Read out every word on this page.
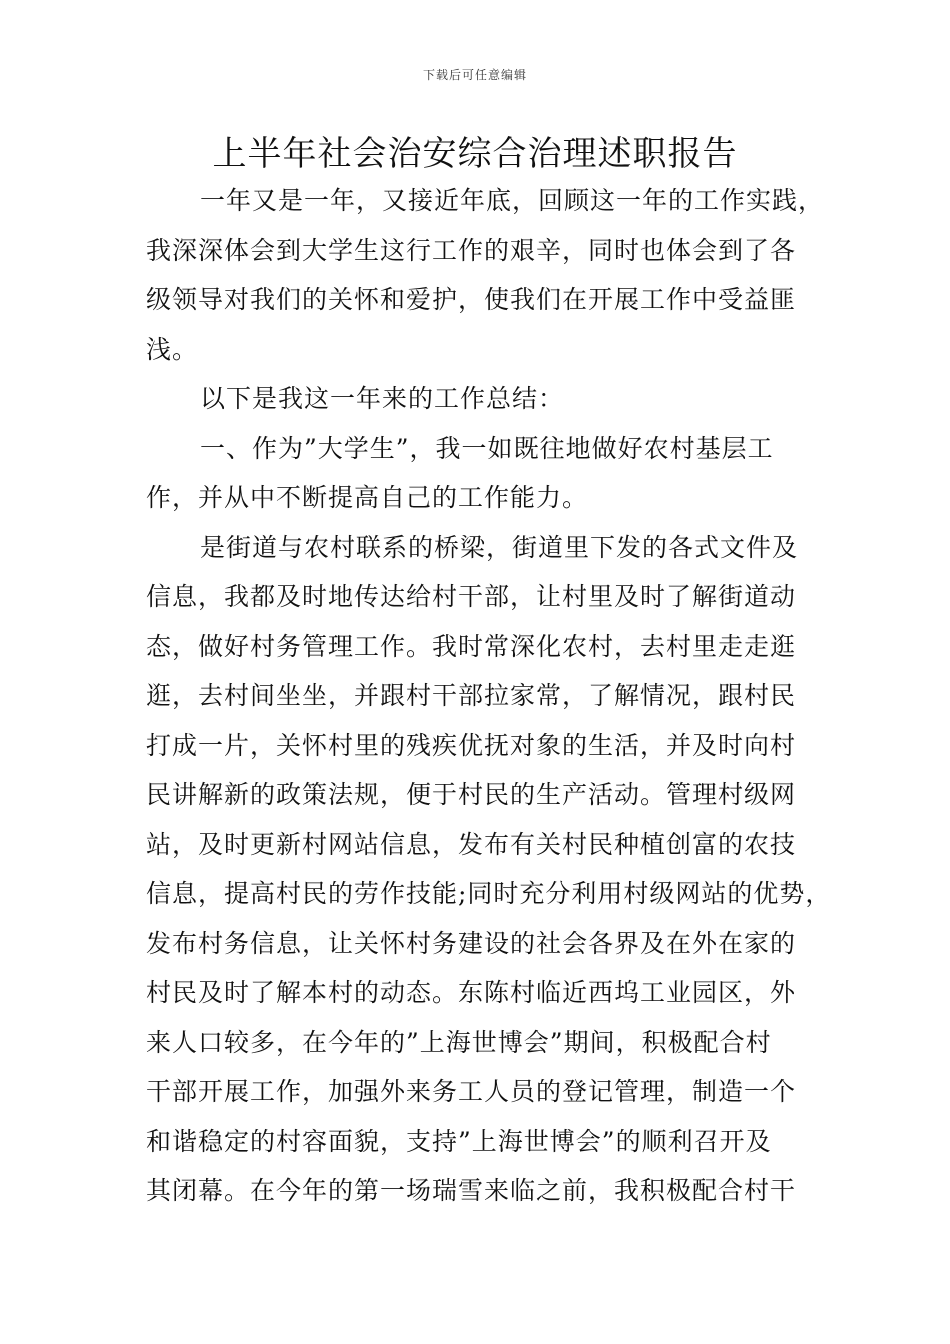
下载后可任意编辑
上半年社会治安综合治理述职报告
一年又是一年，又接近年底，回顾这一年的工作实践，
我深深体会到大学生这行工作的艰辛，同时也体会到了各
级领导对我们的关怀和爱护，使我们在开展工作中受益匪
浅。
以下是我这一年来的工作总结：
一、作为”大学生”，我一如既往地做好农村基层工
作，并从中不断提高自己的工作能力。
是街道与农村联系的桥梁，街道里下发的各式文件及
信息，我都及时地传达给村干部，让村里及时了解街道动
态，做好村务管理工作。我时常深化农村，去村里走走逛
逛，去村间坐坐，并跟村干部拉家常，了解情况，跟村民
打成一片，关怀村里的残疾优抚对象的生活，并及时向村
民讲解新的政策法规，便于村民的生产活动。管理村级网
站，及时更新村网站信息，发布有关村民种植创富的农技
信息，提高村民的劳作技能;同时充分利用村级网站的优势，
发布村务信息，让关怀村务建设的社会各界及在外在家的
村民及时了解本村的动态。东陈村临近西坞工业园区，外
来人口较多，在今年的”上海世博会”期间，积极配合村
干部开展工作，加强外来务工人员的登记管理，制造一个
和谐稳定的村容面貌，支持”上海世博会”的顺利召开及
其闭幕。在今年的第一场瑞雪来临之前，我积极配合村干
